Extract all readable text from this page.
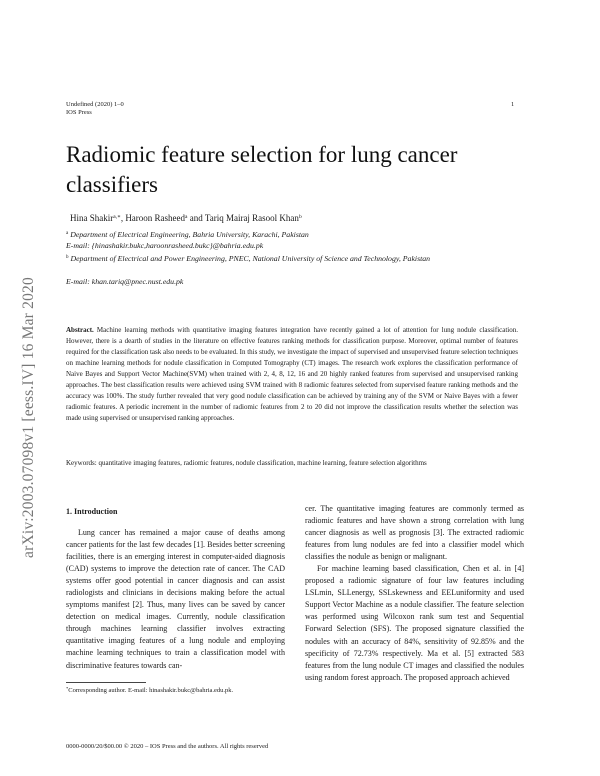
Undefined (2020) 1–0
IOS Press
1
arXiv:2003.07098v1 [eess.IV] 16 Mar 2020
Radiomic feature selection for lung cancer classifiers
Hina Shakir$^{a,∗}$, Haroon Rasheed$^a$ and Tariq Mairaj Rasool Khan$^b$
$^a$ Department of Electrical Engineering, Bahria University, Karachi, Pakistan
E-mail: {hinashakir.bukc,haroonrasheed.bukc}@bahria.edu.pk
$^b$ Department of Electrical and Power Engineering, PNEC, National University of Science and Technology, Pakistan
E-mail: khan.tariq@pnec.nust.edu.pk
Abstract. Machine learning methods with quantitative imaging features integration have recently gained a lot of attention for lung nodule classification. However, there is a dearth of studies in the literature on effective features ranking methods for classification purpose. Moreover, optimal number of features required for the classification task also needs to be evaluated. In this study, we investigate the impact of supervised and unsupervised feature selection techniques on machine learning methods for nodule classification in Computed Tomography (CT) images. The research work explores the classification performance of Naive Bayes and Support Vector Machine(SVM) when trained with 2, 4, 8, 12, 16 and 20 highly ranked features from supervised and unsupervised ranking approaches. The best classification results were achieved using SVM trained with 8 radiomic features selected from supervised feature ranking methods and the accuracy was 100%. The study further revealed that very good nodule classification can be achieved by training any of the SVM or Naive Bayes with a fewer radiomic features. A periodic increment in the number of radiomic features from 2 to 20 did not improve the classification results whether the selection was made using supervised or unsupervised ranking approaches.
Keywords: quantitative imaging features, radiomic features, nodule classification, machine learning, feature selection algorithms
1. Introduction

Lung cancer has remained a major cause of deaths among cancer patients for the last few decades [1]. Besides better screening facilities, there is an emerging interest in computer-aided diagnosis (CAD) systems to improve the detection rate of cancer. The CAD systems offer good potential in cancer diagnosis and can assist radiologists and clinicians in decisions making before the actual symptoms manifest [2]. Thus, many lives can be saved by cancer detection on medical images. Currently, nodule classification through machines learning classifier involves extracting quantitative imaging features of a lung nodule and employing machine learning techniques to train a classification model with discriminative features towards can-

cer. The quantitative imaging features are commonly termed as radiomic features and have shown a strong correlation with lung cancer diagnosis as well as prognosis [3]. The extracted radiomic features from lung nodules are fed into a classifier model which classifies the nodule as benign or malignant.

For machine learning based classification, Chen et al. in [4] proposed a radiomic signature of four law features including LSLmin, SLLenergy, SSLskewness and EELuniformity and used Support Vector Machine as a nodule classifier. The feature selection was performed using Wilcoxon rank sum test and Sequential Forward Selection (SFS). The proposed signature classified the nodules with an accuracy of 84%, sensitivity of 92.85% and the specificity of 72.73% respectively. Ma et al. [5] extracted 583 features from the lung nodule CT images and classified the nodules using random forest approach. The proposed approach achieved

*Corresponding author. E-mail: hinashakir.bukc@bahria.edu.pk.
0000-0000/20/$00.00 © 2020 – IOS Press and the authors. All rights reserved
